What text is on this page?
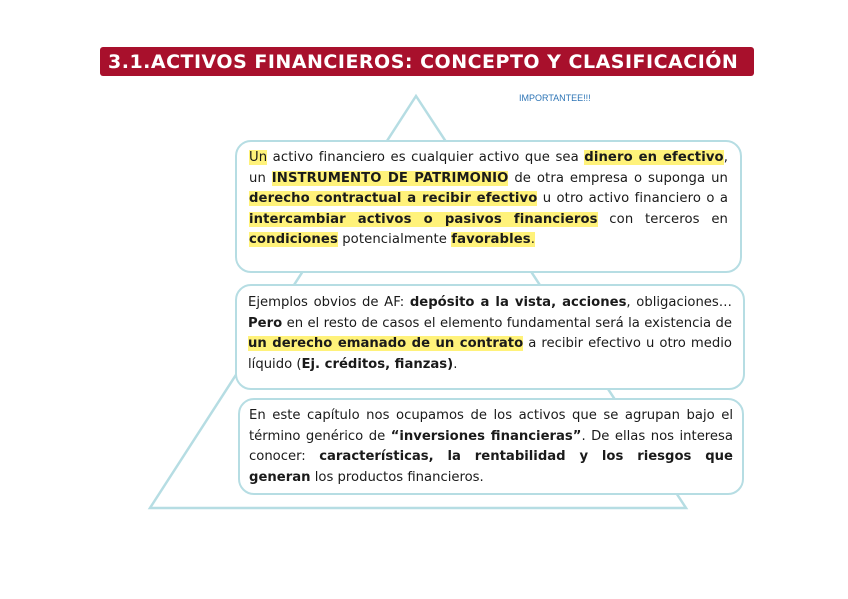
3.1.ACTIVOS FINANCIEROS: CONCEPTO Y CLASIFICACIÓN
IMPORTANTEE!!!

Un activo financiero es cualquier activo que sea dinero en efectivo, un INSTRUMENTO DE PATRIMONIO de otra empresa o suponga un derecho contractual a recibir efectivo u otro activo financiero o a intercambiar activos o pasivos financieros con terceros en condiciones potencialmente favorables.

Ejemplos obvios de AF: depósito a la vista, acciones, obligaciones…Pero en el resto de casos el elemento fundamental será la existencia de un derecho emanado de un contrato a recibir efectivo u otro medio líquido (Ej. créditos, fianzas).

En este capítulo nos ocupamos de los activos que se agrupan bajo el término genérico de “inversiones financieras”. De ellas nos interesa conocer: características, la rentabilidad y los riesgos que generan los productos financieros.
